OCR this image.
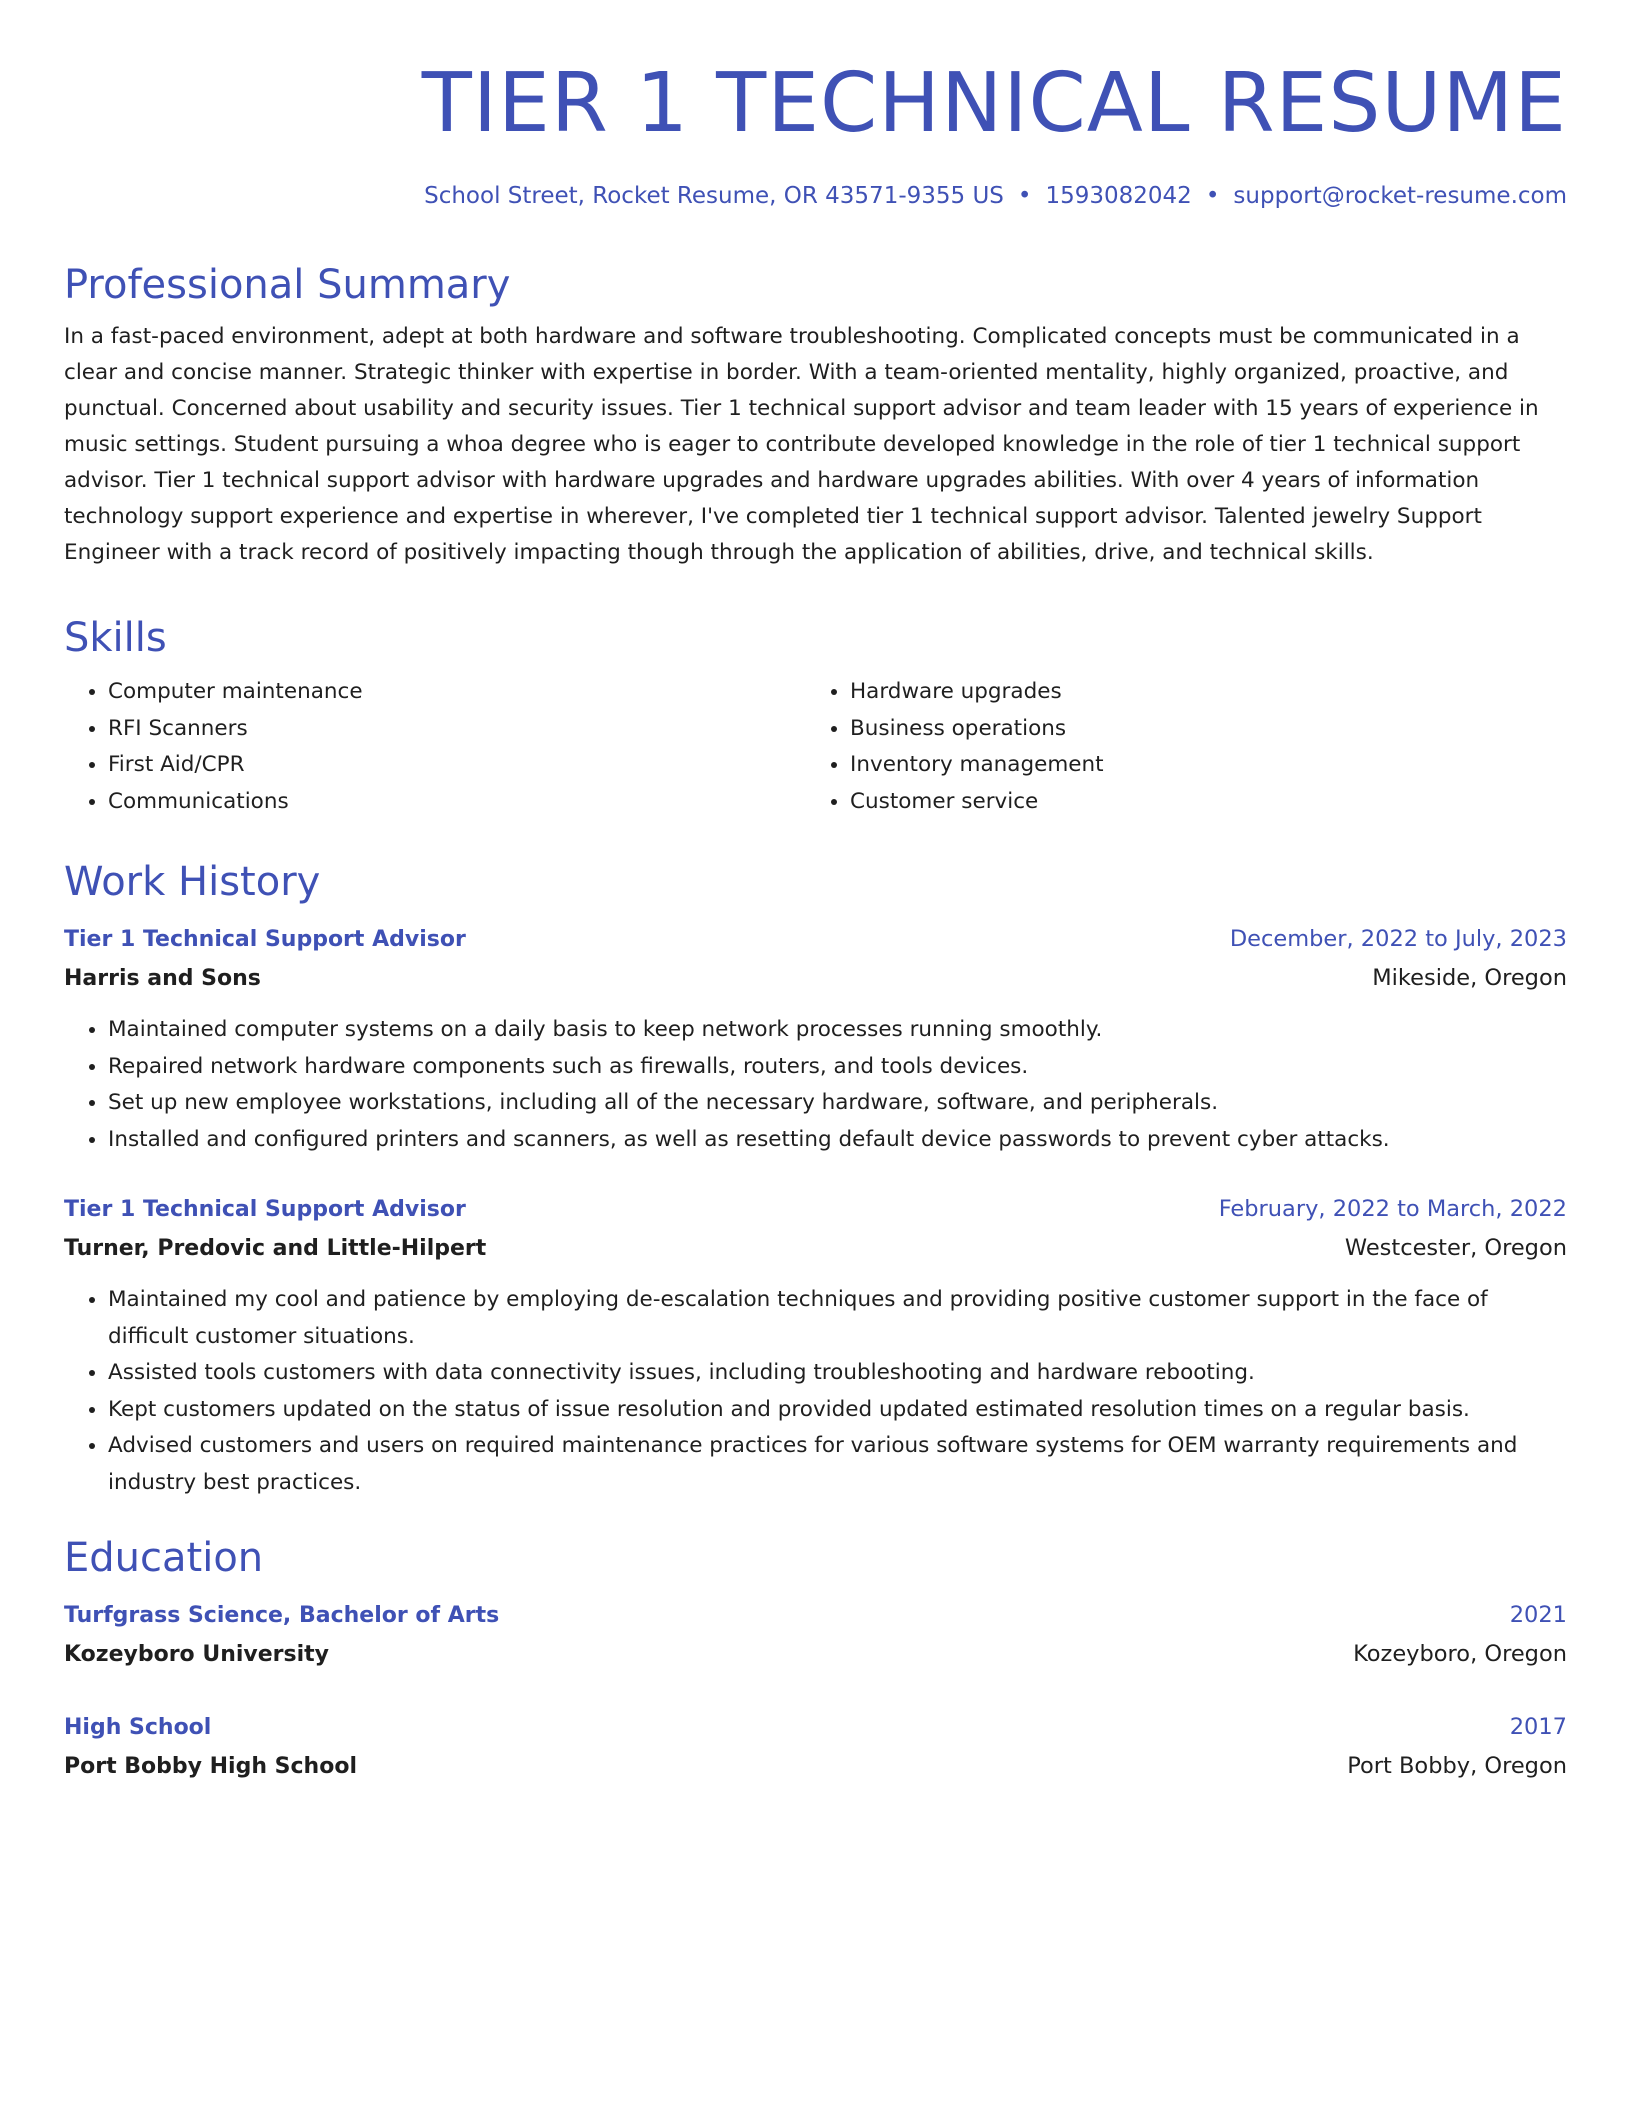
TIER 1 TECHNICAL RESUME
School Street, Rocket Resume, OR 43571-9355 US • 1593082042 • support@rocket-resume.com
Professional Summary

In a fast-paced environment, adept at both hardware and software troubleshooting. Complicated concepts must be communicated in a clear and concise manner. Strategic thinker with expertise in border. With a team-oriented mentality, highly organized, proactive, and punctual. Concerned about usability and security issues. Tier 1 technical support advisor and team leader with 15 years of experience in music settings. Student pursuing a whoa degree who is eager to contribute developed knowledge in the role of tier 1 technical support advisor. Tier 1 technical support advisor with hardware upgrades and hardware upgrades abilities. With over 4 years of information technology support experience and expertise in wherever, I've completed tier 1 technical support advisor. Talented jewelry Support Engineer with a track record of positively impacting though through the application of abilities, drive, and technical skills.

Skills
• Computer maintenance
• RFI Scanners
• First Aid/CPR
• Communications
• Hardware upgrades
• Business operations
• Inventory management
• Customer service
Work History
Tier 1 Technical Support Advisor	December, 2022 to July, 2023
Harris and Sons	Mikeside, Oregon
• Maintained computer systems on a daily basis to keep network processes running smoothly.
• Repaired network hardware components such as firewalls, routers, and tools devices.
• Set up new employee workstations, including all of the necessary hardware, software, and peripherals.
• Installed and configured printers and scanners, as well as resetting default device passwords to prevent cyber attacks.
Tier 1 Technical Support Advisor	February, 2022 to March, 2022
Turner, Predovic and Little-Hilpert	Westcester, Oregon
• Maintained my cool and patience by employing de-escalation techniques and providing positive customer support in the face of difficult customer situations.
• Assisted tools customers with data connectivity issues, including troubleshooting and hardware rebooting.
• Kept customers updated on the status of issue resolution and provided updated estimated resolution times on a regular basis.
• Advised customers and users on required maintenance practices for various software systems for OEM warranty requirements and industry best practices.
Education
Turfgrass Science, Bachelor of Arts	2021
Kozeyboro University	Kozeyboro, Oregon
High School	2017
Port Bobby High School	Port Bobby, Oregon
